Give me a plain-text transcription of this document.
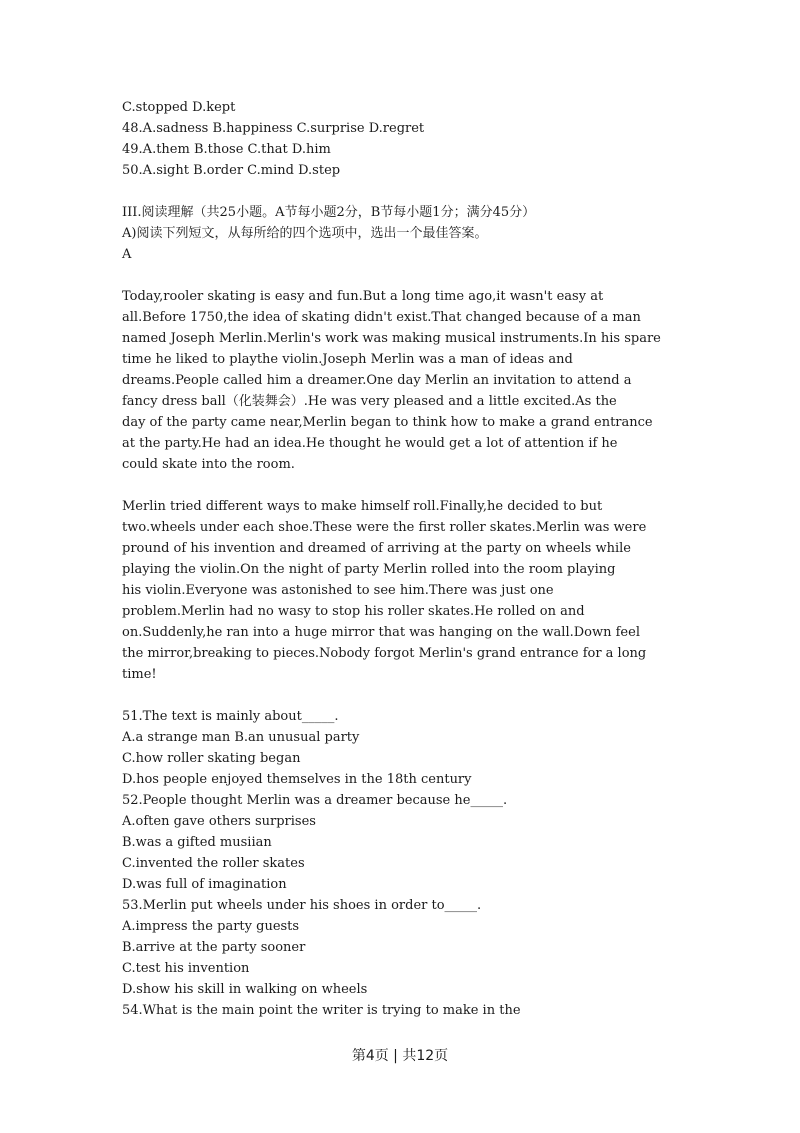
C.stopped D.kept
48.A.sadness B.happiness C.surprise D.regret
49.A.them B.those C.that D.him
50.A.sight B.order C.mind D.step
III.阅读理解（共25小题。A节每小题2分，B节每小题1分；满分45分）
A)阅读下列短文，从每所给的四个选项中，选出一个最佳答案。
A
Today,rooler skating is easy and fun.But a long time ago,it wasn't easy at
all.Before 1750,the idea of skating didn't exist.That changed because of a man
named Joseph Merlin.Merlin's work was making musical instruments.In his spare
time he liked to playthe violin.Joseph Merlin was a man of ideas and
dreams.People called him a dreamer.One day Merlin an invitation to attend a
fancy dress ball（化装舞会）.He was very pleased and a little excited.As the
day of the party came near,Merlin began to think how to make a grand entrance
at the party.He had an idea.He thought he would get a lot of attention if he
could skate into the room.
Merlin tried different ways to make himself roll.Finally,he decided to but
two.wheels under each shoe.These were the first roller skates.Merlin was were
pround of his invention and dreamed of arriving at the party on wheels while
playing the violin.On the night of party Merlin rolled into the room playing
his violin.Everyone was astonished to see him.There was just one
problem.Merlin had no wasy to stop his roller skates.He rolled on and
on.Suddenly,he ran into a huge mirror that was hanging on the wall.Down feel
the mirror,breaking to pieces.Nobody forgot Merlin's grand entrance for a long
time!
51.The text is mainly about_____.
A.a strange man B.an unusual party
C.how roller skating began
D.hos people enjoyed themselves in the 18th century
52.People thought Merlin was a dreamer because he_____.
A.often gave others surprises
B.was a gifted musiian
C.invented the roller skates
D.was full of imagination
53.Merlin put wheels under his shoes in order to_____.
A.impress the party guests
B.arrive at the party sooner
C.test his invention
D.show his skill in walking on wheels
54.What is the main point the writer is trying to make in the
第4页 | 共12页
